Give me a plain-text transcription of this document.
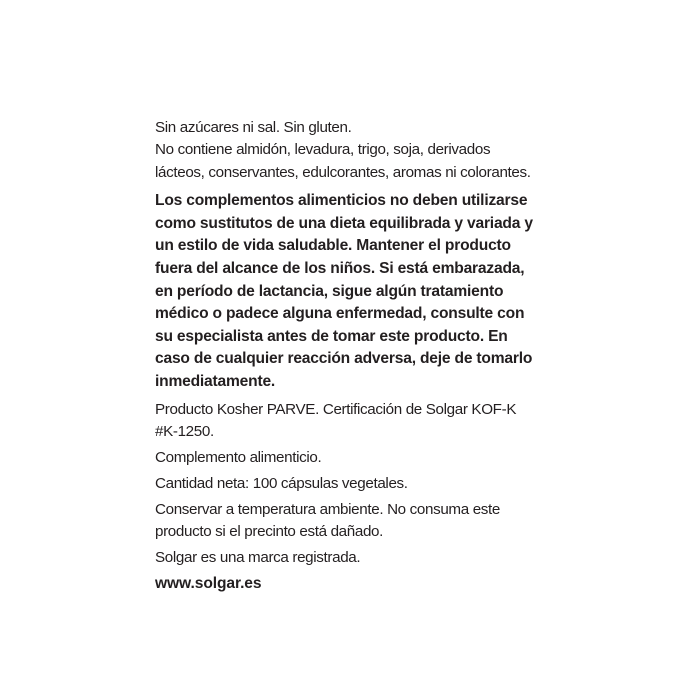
Sin azúcares ni sal. Sin gluten.
No contiene almidón, levadura, trigo, soja, derivados
lácteos, conservantes, edulcorantes, aromas ni colorantes.

Los complementos alimenticios no deben utilizarse
como sustitutos de una dieta equilibrada y variada y
un estilo de vida saludable. Mantener el producto
fuera del alcance de los niños. Si está embarazada,
en período de lactancia, sigue algún tratamiento
médico o padece alguna enfermedad, consulte con
su especialista antes de tomar este producto. En
caso de cualquier reacción adversa, deje de tomarlo
inmediatamente.

Producto Kosher PARVE. Certificación de Solgar KOF-K
#K-1250.

Complemento alimenticio.

Cantidad neta: 100 cápsulas vegetales.

Conservar a temperatura ambiente. No consuma este
producto si el precinto está dañado.

Solgar es una marca registrada.

www.solgar.es
